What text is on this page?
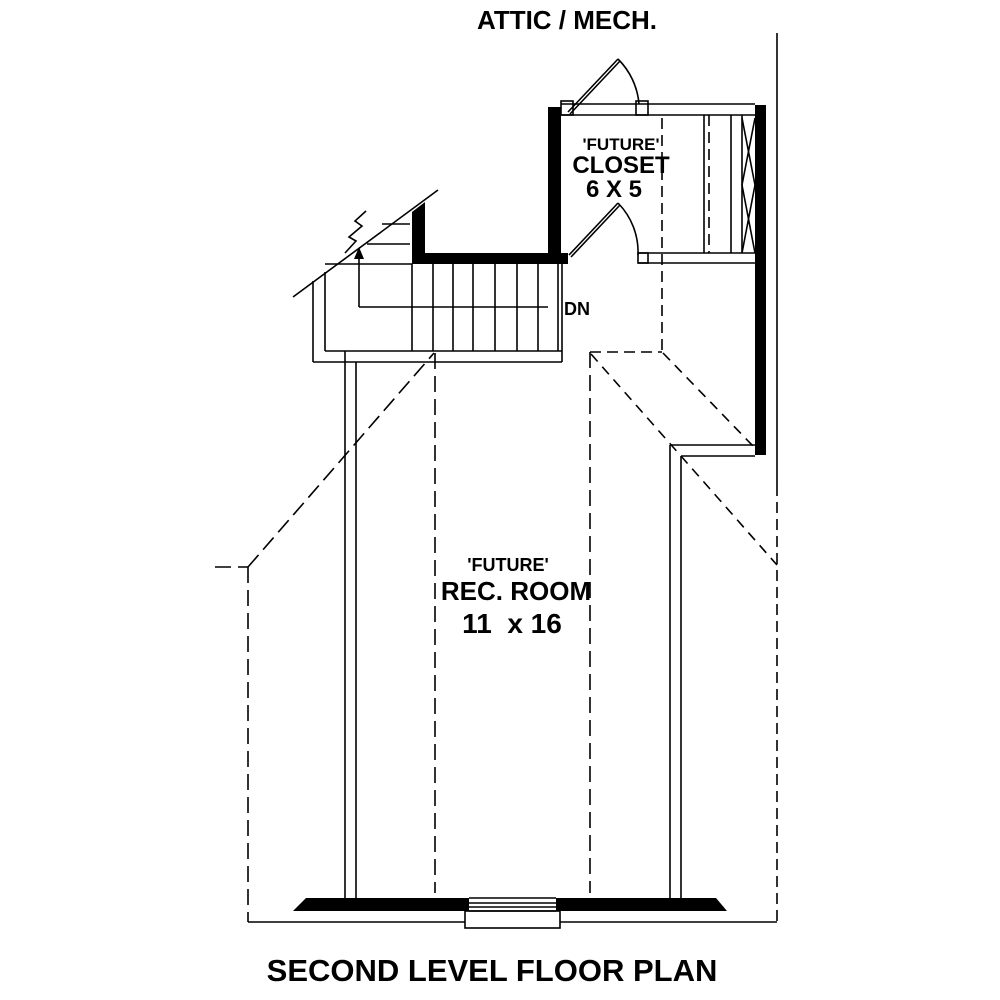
ATTIC / MECH.
SECOND LEVEL FLOOR PLAN
DN
'FUTURE'
CLOSET
6 X 5
'FUTURE'
REC. ROOM
11  x 16
